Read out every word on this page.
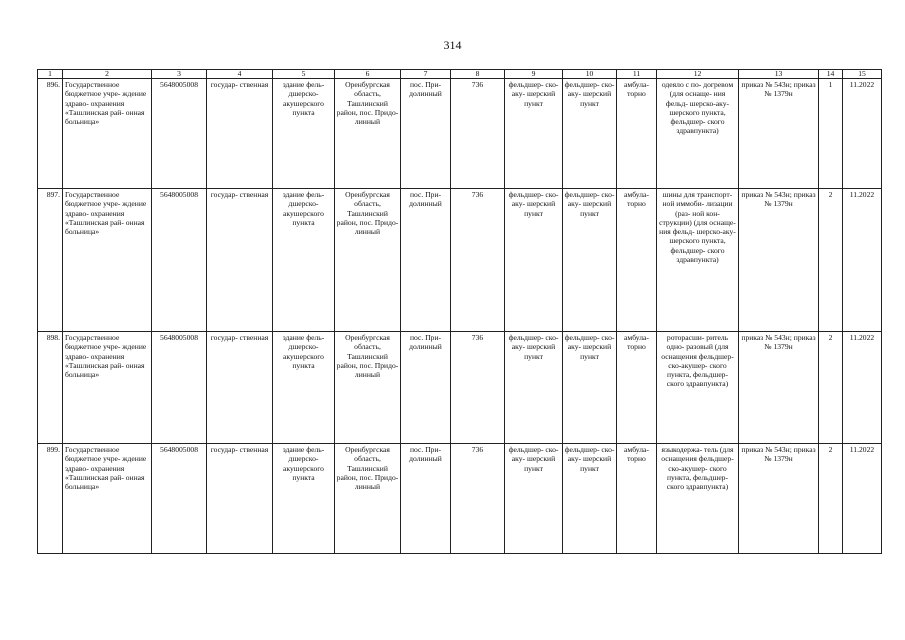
314
1	2	3	4	5	6	7	8	9	10	11	12	13	14	15
896.	Государственное бюджетное учре- ждение здраво- охранения «Ташлинская рай- онная больница»	5648005008	государ- ственная	здание фель- дшерско- акушерского пункта	Оренбургская область, Ташлинский район, пос. Придо- линный	пос. При- долинный	736	фельдшер- ско-аку- шерский пункт	фельдшер- ско-аку- шерский пункт	амбула- торно	одеяло с по- догревом (для оснаще- ния фельд- шерско-аку- шерского пункта, фельдшер- ского здравпункта)	приказ № 543н; приказ № 1379н	1	11.2022
897.	Государственное бюджетное учре- ждение здраво- охранения «Ташлинская рай- онная больница»	5648005008	государ- ственная	здание фель- дшерско- акушерского пункта	Оренбургская область, Ташлинский район, пос. Придо- линный	пос. При- долинный	736	фельдшер- ско-аку- шерский пункт	фельдшер- ско-аку- шерский пункт	амбула- торно	шины для транспорт- ной иммоби- лизации (раз- ной кон- струкции) (для оснаще- ния фельд- шерско-аку- шерского пункта, фельдшер- ского здравпункта)	приказ № 543н; приказ № 1379н	2	11.2022
898.	Государственное бюджетное учре- ждение здраво- охранения «Ташлинская рай- онная больница»	5648005008	государ- ственная	здание фель- дшерско- акушерского пункта	Оренбургская область, Ташлинский район, пос. Придо- линный	пос. При- долинный	736	фельдшер- ско-аку- шерский пункт	фельдшер- ско-аку- шерский пункт	амбула- торно	роторасши- ритель одно- разовый (для оснащения фельдшер- ско-акушер- ского пункта, фельдшер- ского здравпункта)	приказ № 543н; приказ № 1379н	2	11.2022
899.	Государственное бюджетное учре- ждение здраво- охранения «Ташлинская рай- онная больница»	5648005008	государ- ственная	здание фель- дшерско- акушерского пункта	Оренбургская область, Ташлинский район, пос. Придо- линный	пос. При- долинный	736	фельдшер- ско-аку- шерский пункт	фельдшер- ско-аку- шерский пункт	амбула- торно	языкодержа- тель (для оснащения фельдшер- ско-акушер- ского пункта, фельдшер- ского здравпункта)	приказ № 543н; приказ № 1379н	2	11.2022
